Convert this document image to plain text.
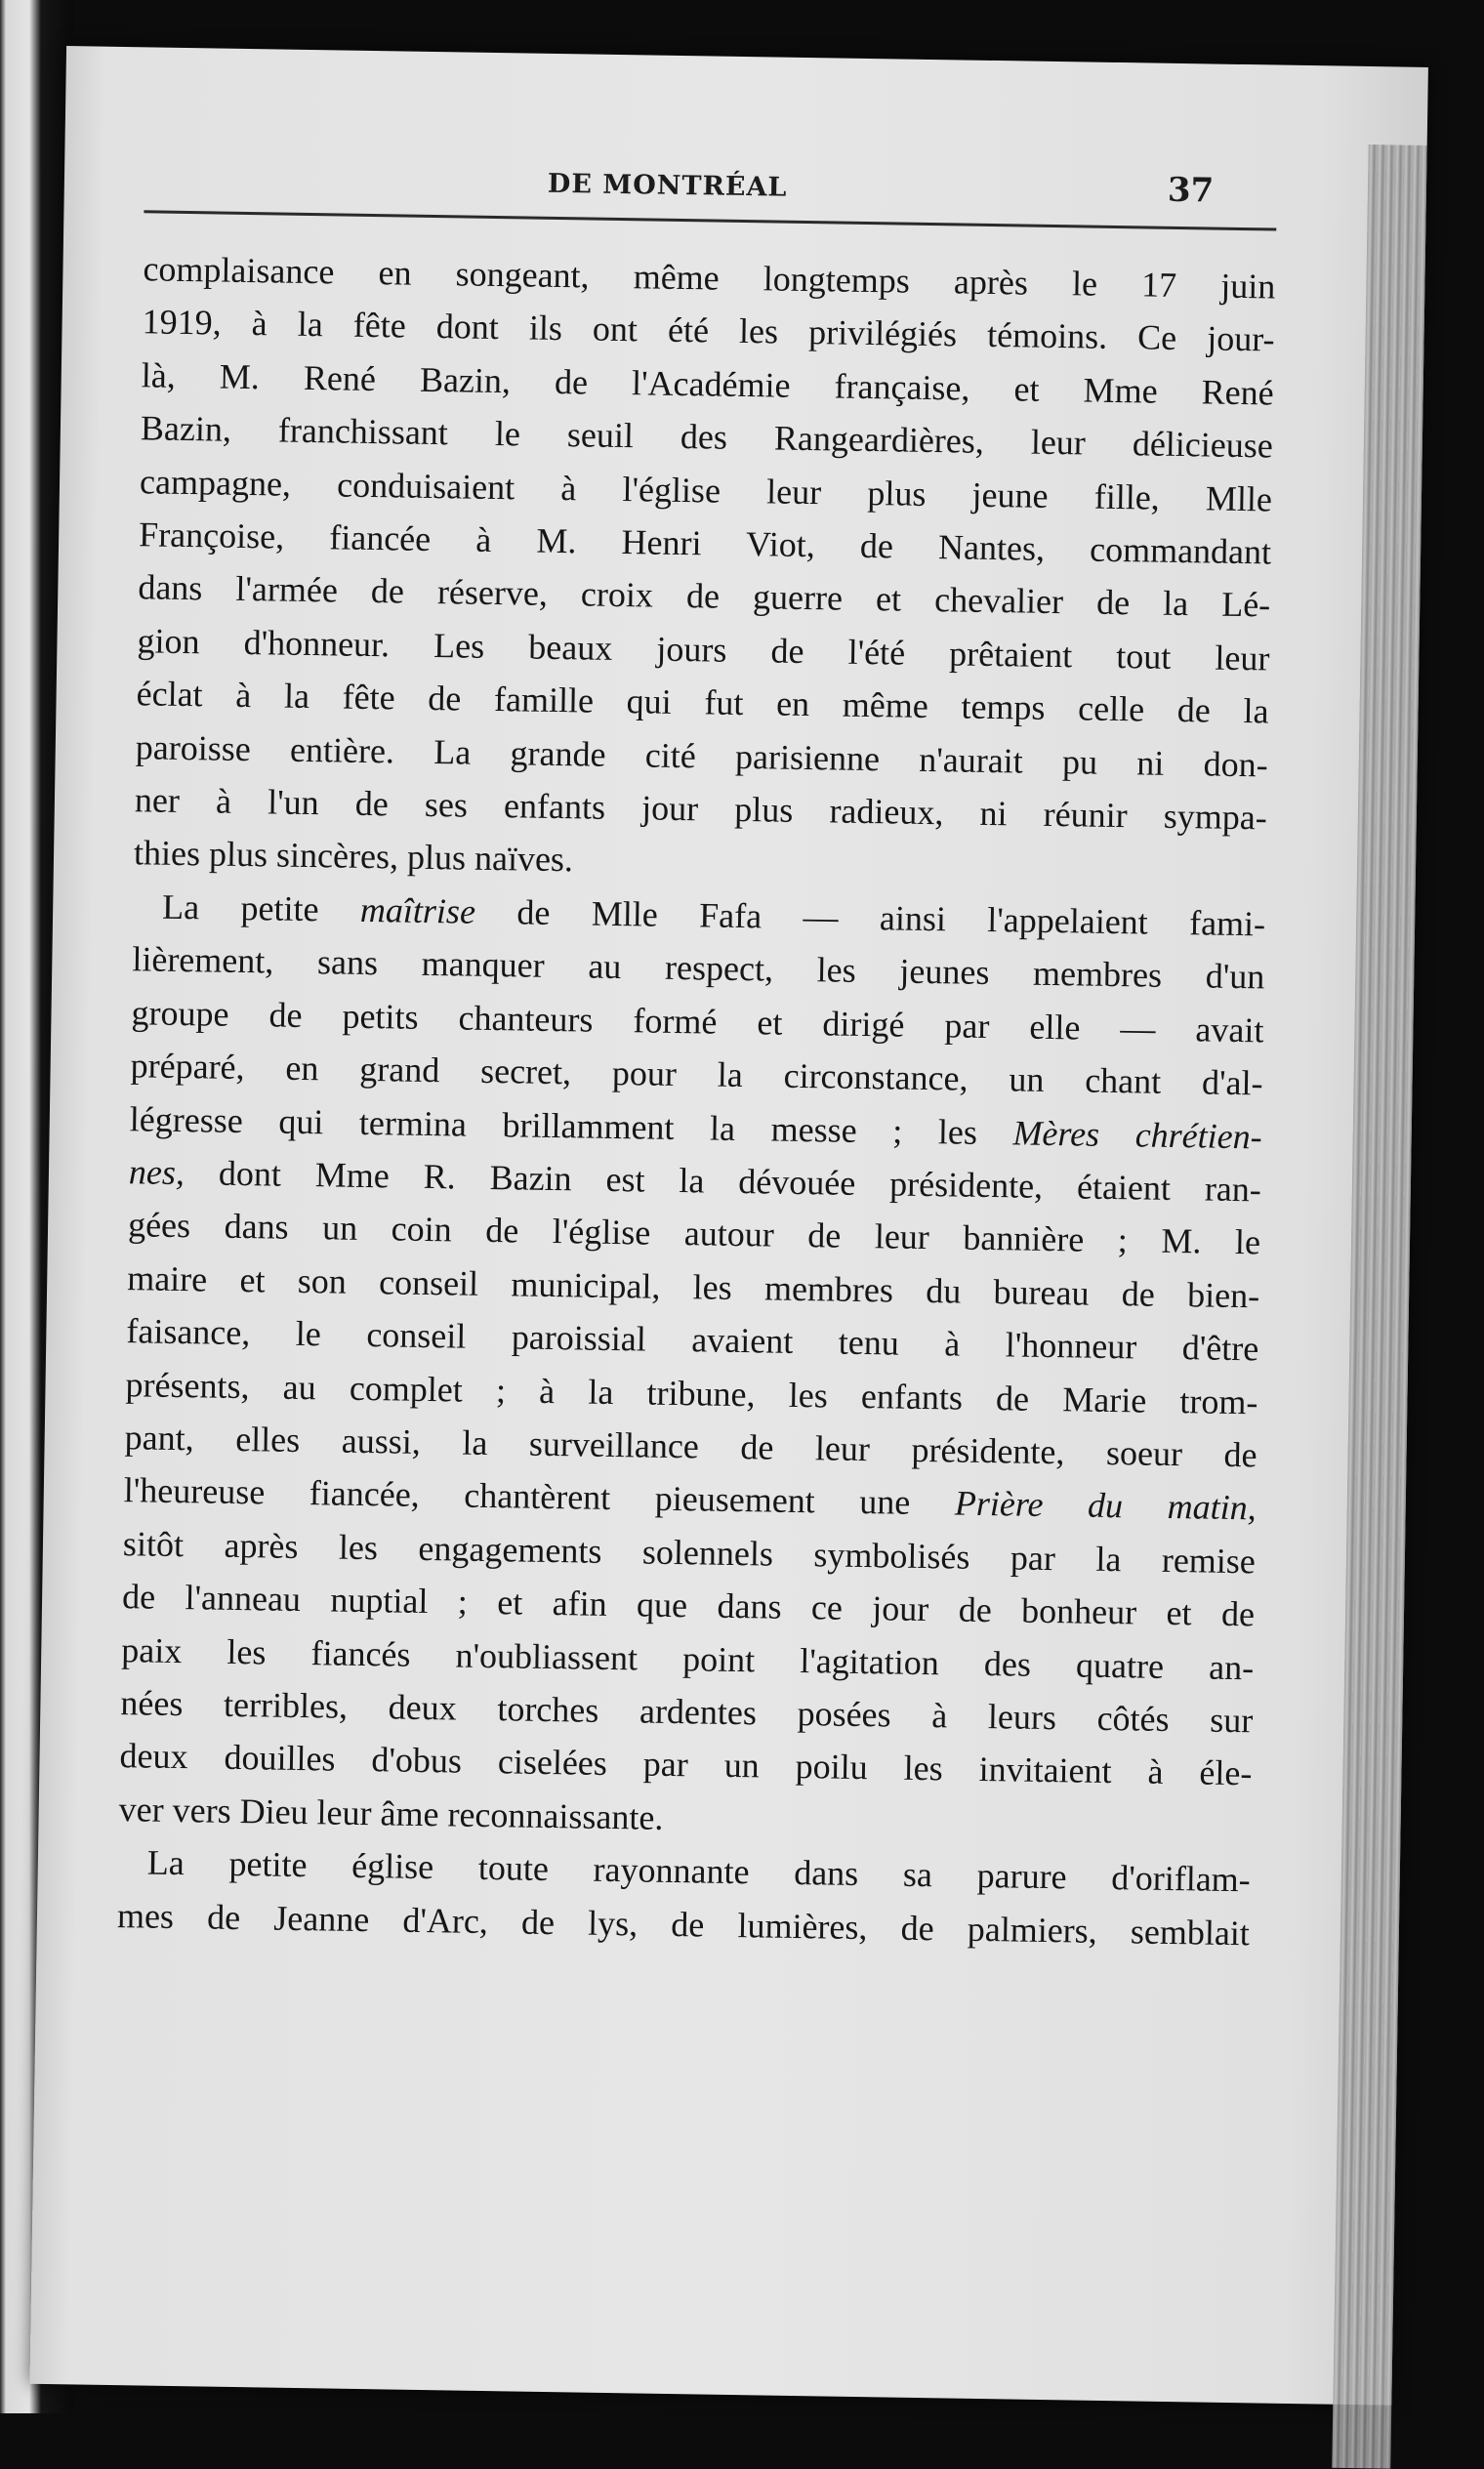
DE MONTRÉAL	37
complaisance en songeant, même longtemps après le 17 juin
1919, à la fête dont ils ont été les privilégiés témoins. Ce jour-
là, M. René Bazin, de l'Académie française, et Mme René
Bazin, franchissant le seuil des Rangeardières, leur délicieuse
campagne, conduisaient à l'église leur plus jeune fille, Mlle
Françoise, fiancée à M. Henri Viot, de Nantes, commandant
dans l'armée de réserve, croix de guerre et chevalier de la Lé-
gion d'honneur. Les beaux jours de l'été prêtaient tout leur
éclat à la fête de famille qui fut en même temps celle de la
paroisse entière. La grande cité parisienne n'aurait pu ni don-
ner à l'un de ses enfants jour plus radieux, ni réunir sympa-
thies plus sincères, plus naïves.
La petite maîtrise de Mlle Fafa — ainsi l'appelaient fami-
lièrement, sans manquer au respect, les jeunes membres d'un
groupe de petits chanteurs formé et dirigé par elle — avait
préparé, en grand secret, pour la circonstance, un chant d'al-
légresse qui termina brillamment la messe ; les Mères chrétien-
nes, dont Mme R. Bazin est la dévouée présidente, étaient ran-
gées dans un coin de l'église autour de leur bannière ; M. le
maire et son conseil municipal, les membres du bureau de bien-
faisance, le conseil paroissial avaient tenu à l'honneur d'être
présents, au complet ; à la tribune, les enfants de Marie trom-
pant, elles aussi, la surveillance de leur présidente, soeur de
l'heureuse fiancée, chantèrent pieusement une Prière du matin,
sitôt après les engagements solennels symbolisés par la remise
de l'anneau nuptial ; et afin que dans ce jour de bonheur et de
paix les fiancés n'oubliassent point l'agitation des quatre an-
nées terribles, deux torches ardentes posées à leurs côtés sur
deux douilles d'obus ciselées par un poilu les invitaient à éle-
ver vers Dieu leur âme reconnaissante.
La petite église toute rayonnante dans sa parure d'oriflam-
mes de Jeanne d'Arc, de lys, de lumières, de palmiers, semblait
